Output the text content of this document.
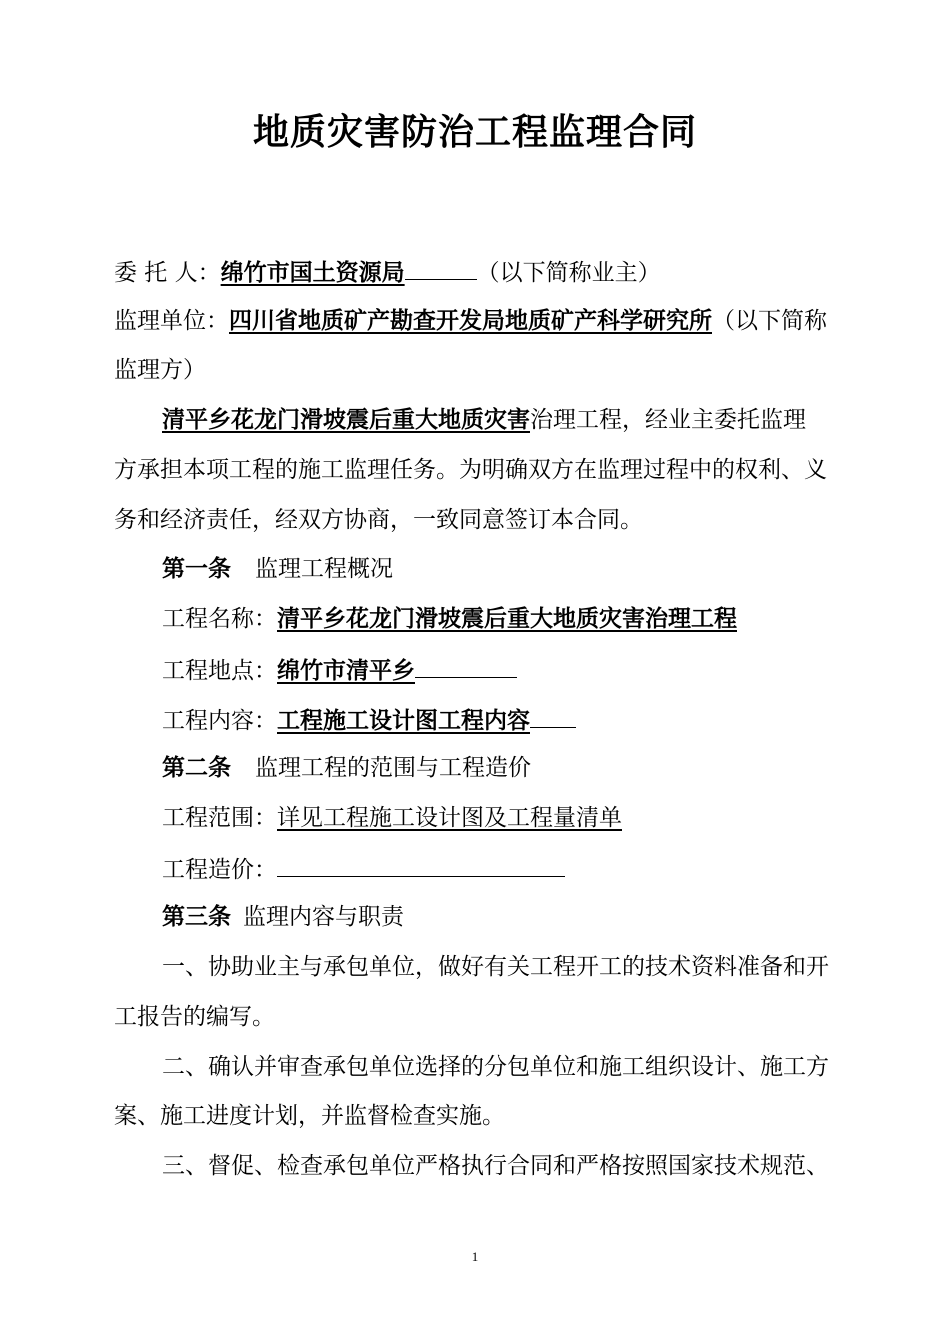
地质灾害防治工程监理合同
委 托 人：绵竹市国土资源局	（以下简称业主）
监理单位：四川省地质矿产勘查开发局地质矿产科学研究所（以下简称
监理方）
清平乡花龙门滑坡震后重大地质灾害治理工程，经业主委托监理
方承担本项工程的施工监理任务。为明确双方在监理过程中的权利、义
务和经济责任，经双方协商，一致同意签订本合同。
第一条 监理工程概况
工程名称：清平乡花龙门滑坡震后重大地质灾害治理工程
工程地点：绵竹市清平乡
工程内容：工程施工设计图工程内容
第二条 监理工程的范围与工程造价
工程范围：详见工程施工设计图及工程量清单
工程造价：
第三条 监理内容与职责
一、协助业主与承包单位，做好有关工程开工的技术资料准备和开
工报告的编写。
二、确认并审查承包单位选择的分包单位和施工组织设计、施工方
案、施工进度计划，并监督检查实施。
三、督促、检查承包单位严格执行合同和严格按照国家技术规范、
1
